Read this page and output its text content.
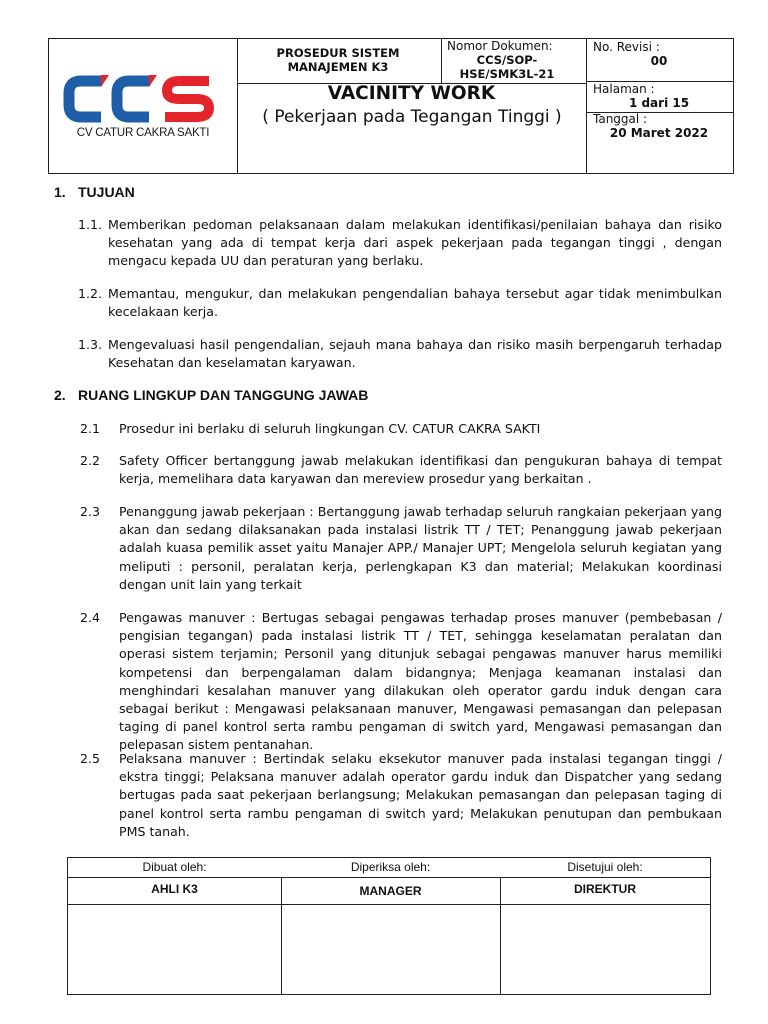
CV CATUR CAKRA SAKTI
PROSEDUR SISTEM MANAJEMEN K3
Nomor Dokumen:
CCS/SOP-HSE/SMK3L-21
No. Revisi :
00
VACINITY WORK
( Pekerjaan pada Tegangan Tinggi )
Halaman :
1 dari 15
Tanggal :
20 Maret 2022
1. TUJUAN
1.1. Memberikan pedoman pelaksanaan dalam melakukan identifikasi/penilaian bahaya dan risiko kesehatan yang ada di tempat kerja dari aspek pekerjaan pada tegangan tinggi , dengan mengacu kepada UU dan peraturan yang berlaku.
1.2. Memantau, mengukur, dan melakukan pengendalian bahaya tersebut agar tidak menimbulkan kecelakaan kerja.
1.3. Mengevaluasi hasil pengendalian, sejauh mana bahaya dan risiko masih berpengaruh terhadap Kesehatan dan keselamatan karyawan.
2. RUANG LINGKUP DAN TANGGUNG JAWAB
2.1 Prosedur ini berlaku di seluruh lingkungan CV. CATUR CAKRA SAKTI
2.2 Safety Officer bertanggung jawab melakukan identifikasi dan pengukuran bahaya di tempat kerja, memelihara data karyawan dan mereview prosedur yang berkaitan .
2.3 Penanggung jawab pekerjaan : Bertanggung jawab terhadap seluruh rangkaian pekerjaan yang akan dan sedang dilaksanakan pada instalasi listrik TT / TET; Penanggung jawab pekerjaan adalah kuasa pemilik asset yaitu Manajer APP./ Manajer UPT; Mengelola seluruh kegiatan yang meliputi : personil, peralatan kerja, perlengkapan K3 dan material; Melakukan koordinasi dengan unit lain yang terkait
2.4 Pengawas manuver : Bertugas sebagai pengawas terhadap proses manuver (pembebasan / pengisian tegangan) pada instalasi listrik TT / TET, sehingga keselamatan peralatan dan operasi sistem terjamin; Personil yang ditunjuk sebagai pengawas manuver harus memiliki kompetensi dan berpengalaman dalam bidangnya; Menjaga keamanan instalasi dan menghindari kesalahan manuver yang dilakukan oleh operator gardu induk dengan cara sebagai berikut : Mengawasi pelaksanaan manuver, Mengawasi pemasangan dan pelepasan taging di panel kontrol serta rambu pengaman di switch yard, Mengawasi pemasangan dan pelepasan sistem pentanahan.
2.5 Pelaksana manuver : Bertindak selaku eksekutor manuver pada instalasi tegangan tinggi / ekstra tinggi; Pelaksana manuver adalah operator gardu induk dan Dispatcher yang sedang bertugas pada saat pekerjaan berlangsung; Melakukan pemasangan dan pelepasan taging di panel kontrol serta rambu pengaman di switch yard; Melakukan penutupan dan pembukaan PMS tanah.
Dibuat oleh:	Diperiksa oleh:	Disetujui oleh:
AHLI K3	MANAGER	DIREKTUR
